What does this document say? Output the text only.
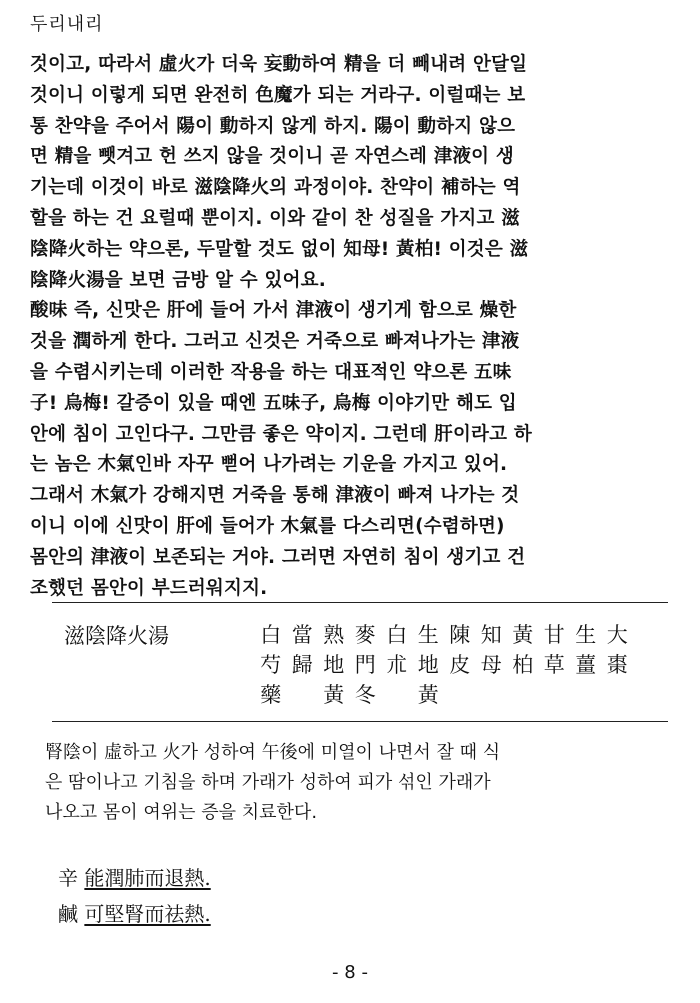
두리내리
것이고, 따라서 虛火가 더욱 妄動하여 精을 더 빼내려 안달일
것이니 이렇게 되면 완전히 色魔가 되는 거라구. 이럴때는 보
통 찬약을 주어서 陽이 動하지 않게 하지. 陽이 動하지 않으
면 精을 뺏겨고 헌 쓰지 않을 것이니 곧 자연스레 津液이 생
기는데 이것이 바로 滋陰降火의 과정이야. 찬약이 補하는 역
할을 하는 건 요럴때 뿐이지. 이와 같이 찬 성질을 가지고 滋
陰降火하는 약으론, 두말할 것도 없이 知母! 黃柏! 이것은 滋
陰降火湯을 보면 금방 알 수 있어요.
酸味 즉, 신맛은 肝에 들어 가서 津液이 생기게 함으로 燥한
것을 潤하게 한다. 그러고 신것은 거죽으로 빠져나가는 津液
을 수렴시키는데 이러한 작용을 하는 대표적인 약으론 五味
子! 烏梅! 갈증이 있을 때엔 五味子, 烏梅 이야기만 해도 입
안에 침이 고인다구. 그만큼 좋은 약이지. 그런데 肝이라고 하
는 놈은 木氣인바 자꾸 뻗어 나가려는 기운을 가지고 있어.
그래서 木氣가 강해지면 거죽을 통해 津液이 빠져 나가는 것
이니 이에 신맛이 肝에 들어가 木氣를 다스리면(수렴하면)
몸안의 津液이 보존되는 거야. 그러면 자연히 침이 생기고 건
조했던 몸안이 부드러워지지.
滋陰降火湯	白 當 熟 麥 白 生 陳 知 黃 甘 生 大
芍 歸 地 門 朮 地 皮 母 柏 草 薑 棗
藥 黃 冬 黃
腎陰이 虛하고 火가 성하여 午後에 미열이 나면서 잘 때 식
은 땀이나고 기침을 하며 가래가 성하여 피가 섞인 가래가
나오고 몸이 여위는 증을 치료한다.
辛 能潤肺而退熱.
鹹 可堅腎而祛熱.
- 8 -
